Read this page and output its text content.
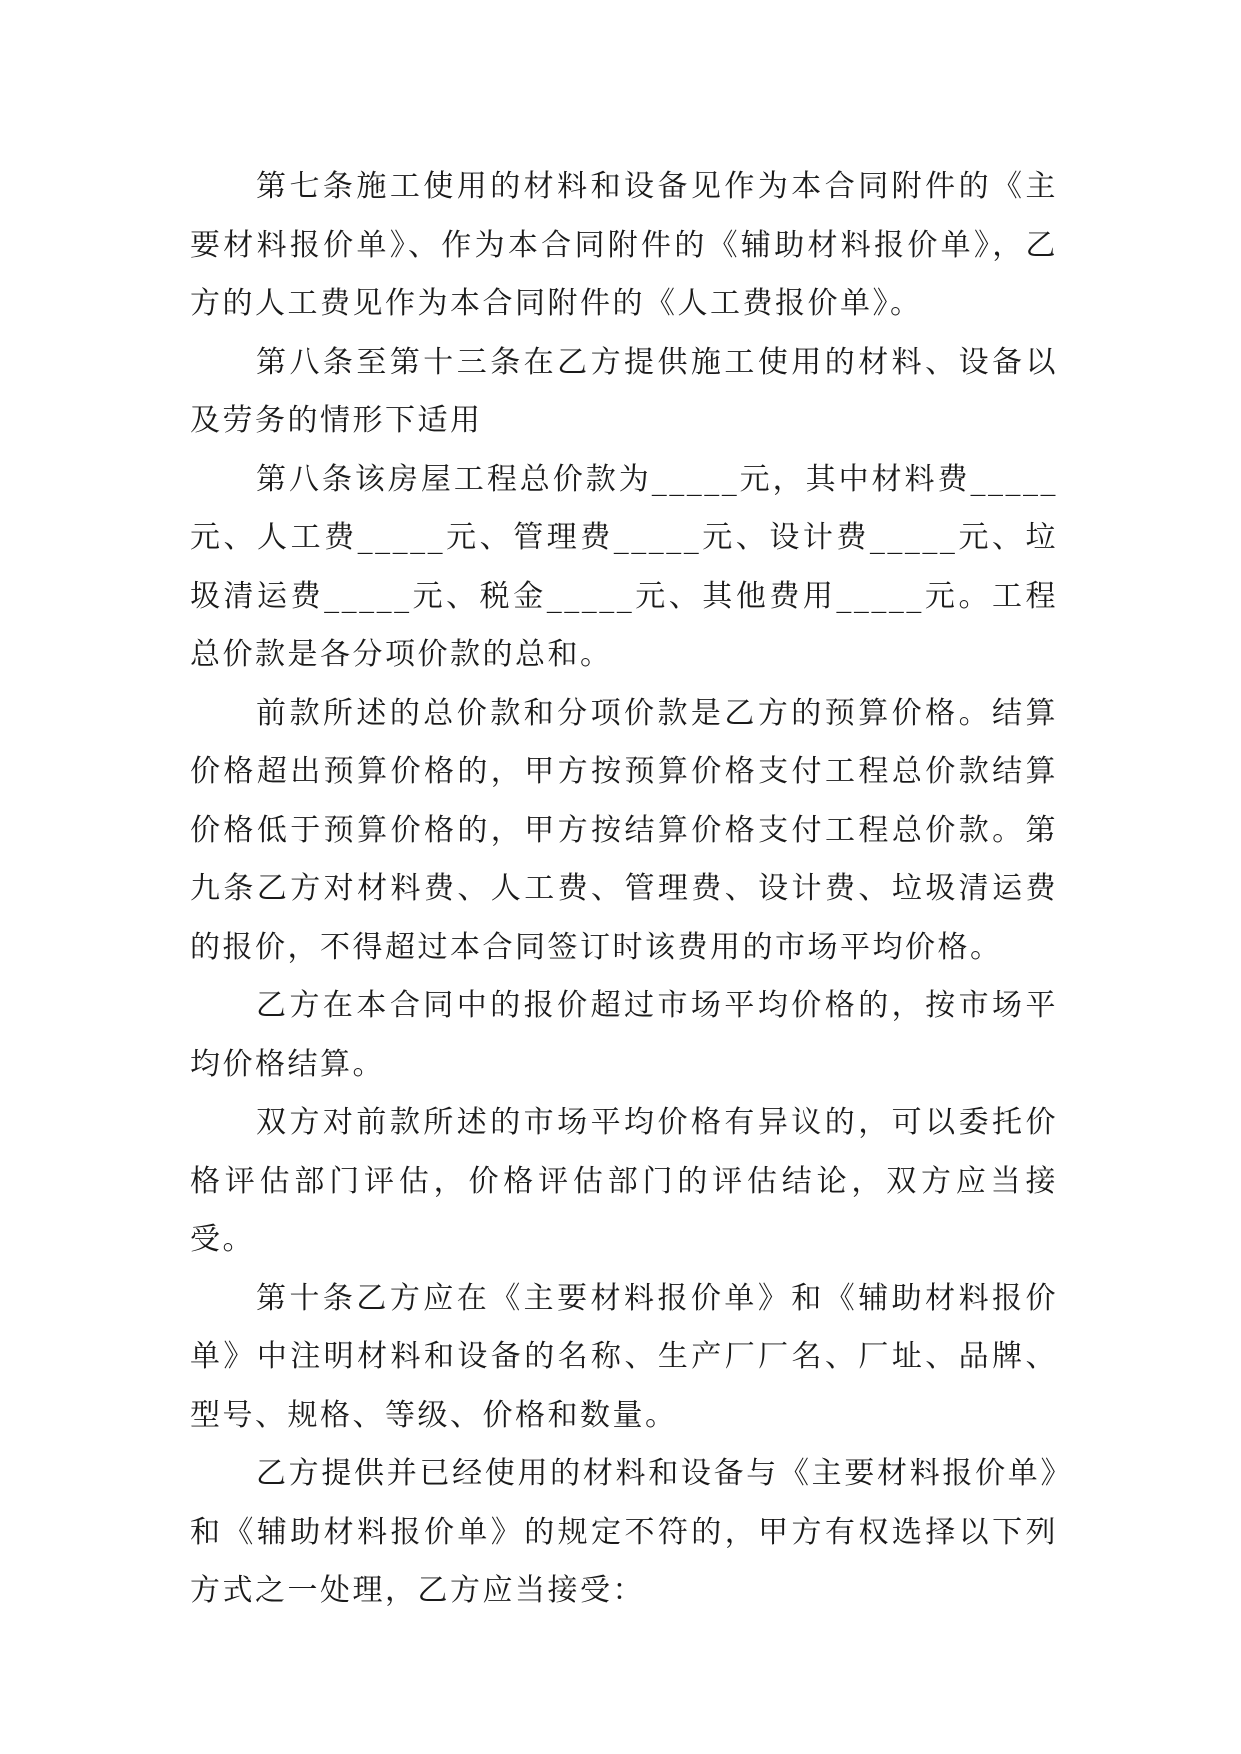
第七条施工使用的材料和设备见作为本合同附件的《主要材料报价单》、作为本合同附件的《辅助材料报价单》，乙方的人工费见作为本合同附件的《人工费报价单》。

第八条至第十三条在乙方提供施工使用的材料、设备以及劳务的情形下适用

第八条该房屋工程总价款为_____元，其中材料费_____元、人工费_____元、管理费_____元、设计费_____元、垃圾清运费_____元、税金_____元、其他费用_____元。工程总价款是各分项价款的总和。

前款所述的总价款和分项价款是乙方的预算价格。结算价格超出预算价格的，甲方按预算价格支付工程总价款结算价格低于预算价格的，甲方按结算价格支付工程总价款。第九条乙方对材料费、人工费、管理费、设计费、垃圾清运费的报价，不得超过本合同签订时该费用的市场平均价格。

乙方在本合同中的报价超过市场平均价格的，按市场平均价格结算。

双方对前款所述的市场平均价格有异议的，可以委托价格评估部门评估，价格评估部门的评估结论，双方应当接受。

第十条乙方应在《主要材料报价单》和《辅助材料报价单》中注明材料和设备的名称、生产厂厂名、厂址、品牌、型号、规格、等级、价格和数量。

乙方提供并已经使用的材料和设备与《主要材料报价单》和《辅助材料报价单》的规定不符的，甲方有权选择以下列方式之一处理，乙方应当接受：
